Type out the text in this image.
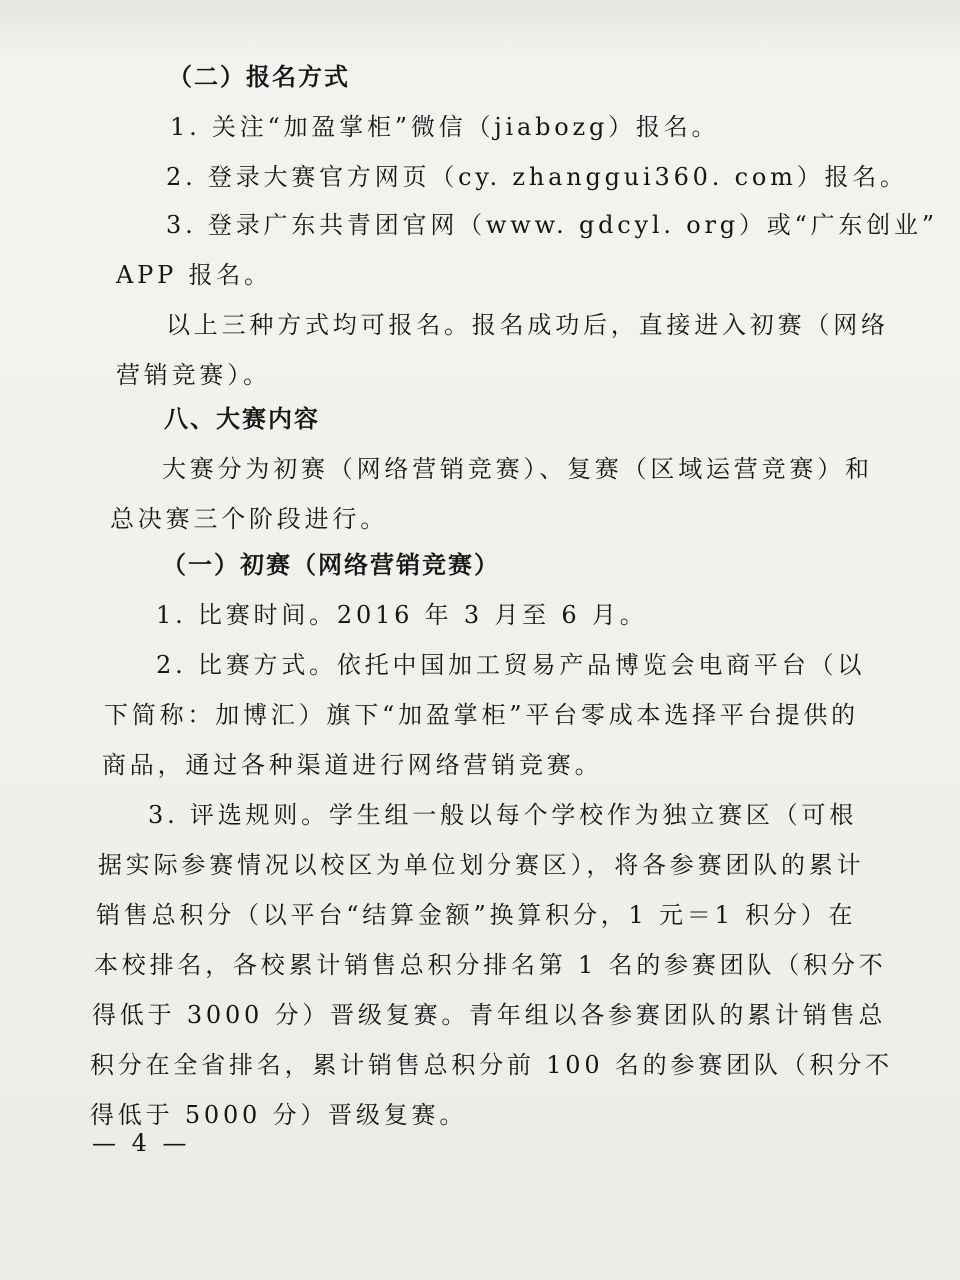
（二）报名方式
1. 关注“加盈掌柜”微信（jiabozg）报名。
2. 登录大赛官方网页（cy. zhanggui360. com）报名。
3. 登录广东共青团官网（www. gdcyl. org）或“广东创业”
APP 报名。
以上三种方式均可报名。报名成功后，直接进入初赛（网络
营销竞赛）。
八、大赛内容
大赛分为初赛（网络营销竞赛）、复赛（区域运营竞赛）和
总决赛三个阶段进行。
（一）初赛（网络营销竞赛）
1. 比赛时间。2016 年 3 月至 6 月。
2. 比赛方式。依托中国加工贸易产品博览会电商平台（以
下简称：加博汇）旗下“加盈掌柜”平台零成本选择平台提供的
商品，通过各种渠道进行网络营销竞赛。
3. 评选规则。学生组一般以每个学校作为独立赛区（可根
据实际参赛情况以校区为单位划分赛区），将各参赛团队的累计
销售总积分（以平台“结算金额”换算积分，1 元＝1 积分）在
本校排名，各校累计销售总积分排名第 1 名的参赛团队（积分不
得低于 3000 分）晋级复赛。青年组以各参赛团队的累计销售总
积分在全省排名，累计销售总积分前 100 名的参赛团队（积分不
得低于 5000 分）晋级复赛。
— 4 —
